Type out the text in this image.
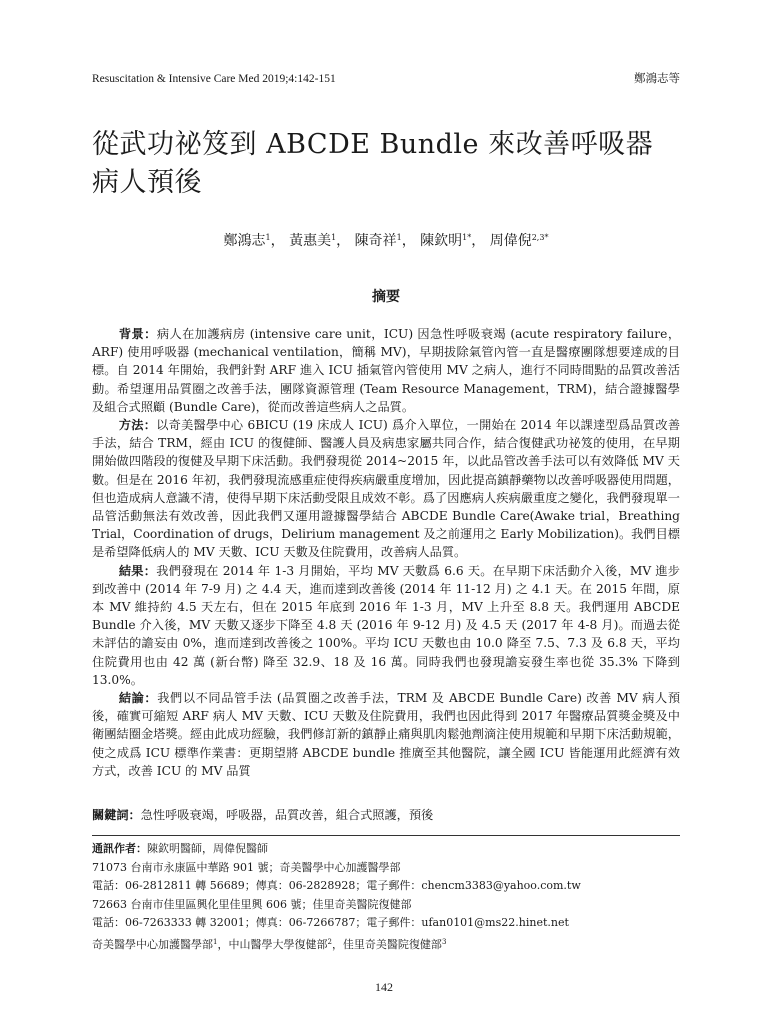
Resuscitation & Intensive Care Med 2019;4:142-151	鄭鴻志等
從武功祕笈到 ABCDE Bundle 來改善呼吸器病人預後
鄭鴻志$^1$， 黃惠美$^1$， 陳奇祥$^1$， 陳欽明$^{1*}$， 周偉倪$^{2,3*}$
摘要

背景：病人在加護病房 (intensive care unit，ICU) 因急性呼吸衰竭 (acute respiratory failure，ARF) 使用呼吸器 (mechanical ventilation，簡稱 MV)，早期拔除氣管內管一直是醫療團隊想要達成的目標。自 2014 年開始，我們針對 ARF 進入 ICU 插氣管內管使用 MV 之病人，進行不同時間點的品質改善活動。希望運用品質圈之改善手法，團隊資源管理 (Team Resource Management，TRM)，結合證據醫學及組合式照顧 (Bundle Care)，從而改善這些病人之品質。

方法：以奇美醫學中心 6BICU (19 床成人 ICU) 爲介入單位，一開始在 2014 年以課達型爲品質改善手法，結合 TRM，經由 ICU 的復健師、醫護人員及病患家屬共同合作，結合復健武功祕笈的使用，在早期開始做四階段的復健及早期下床活動。我們發現從 2014~2015 年，以此品管改善手法可以有效降低 MV 天數。但是在 2016 年初，我們發現流感重症使得疾病嚴重度增加，因此提高鎮靜藥物以改善呼吸器使用問題，但也造成病人意識不清，使得早期下床活動受限且成效不彰。爲了因應病人疾病嚴重度之變化，我們發現單一品管活動無法有效改善，因此我們又運用證據醫學結合 ABCDE Bundle Care(Awake trial，Breathing Trial，Coordination of drugs，Delirium management 及之前運用之 Early Mobilization)。我們目標是希望降低病人的 MV 天數、ICU 天數及住院費用，改善病人品質。

結果：我們發現在 2014 年 1-3 月開始，平均 MV 天數爲 6.6 天。在早期下床活動介入後，MV 進步到改善中 (2014 年 7-9 月) 之 4.4 天，進而達到改善後 (2014 年 11-12 月) 之 4.1 天。在 2015 年間，原本 MV 維持約 4.5 天左右，但在 2015 年底到 2016 年 1-3 月，MV 上升至 8.8 天。我們運用 ABCDE Bundle 介入後，MV 天數又逐步下降至 4.8 天 (2016 年 9-12 月) 及 4.5 天 (2017 年 4-8 月)。而過去從未評估的譫妄由 0%，進而達到改善後之 100%。平均 ICU 天數也由 10.0 降至 7.5、7.3 及 6.8 天，平均住院費用也由 42 萬 (新台幣) 降至 32.9、18 及 16 萬。同時我們也發現譫妄發生率也從 35.3% 下降到 13.0%。

結論：我們以不同品管手法 (品質圈之改善手法，TRM 及 ABCDE Bundle Care) 改善 MV 病人預後，確實可縮短 ARF 病人 MV 天數、ICU 天數及住院費用，我們也因此得到 2017 年醫療品質獎金獎及中衛團結圈金塔獎。經由此成功經驗，我們修訂新的鎮靜止痛與肌肉鬆弛劑滴注使用規範和早期下床活動規範，使之成爲 ICU 標準作業書：更期望將 ABCDE bundle 推廣至其他醫院，讓全國 ICU 皆能運用此經濟有效方式，改善 ICU 的 MV 品質

關鍵詞：急性呼吸衰竭，呼吸器，品質改善，組合式照護，預後
通訊作者：陳欽明醫師，周偉倪醫師
71073 台南市永康區中華路 901 號；奇美醫學中心加護醫學部
電話：06-2812811 轉 56689；傳真：06-2828928；電子郵件：chencm3383@yahoo.com.tw
72663 台南市佳里區興化里佳里興 606 號；佳里奇美醫院復健部
電話：06-7263333 轉 32001；傳真：06-7266787；電子郵件：ufan0101@ms22.hinet.net
奇美醫學中心加護醫學部$^1$，中山醫學大學復健部$^2$，佳里奇美醫院復健部$^3$
142
